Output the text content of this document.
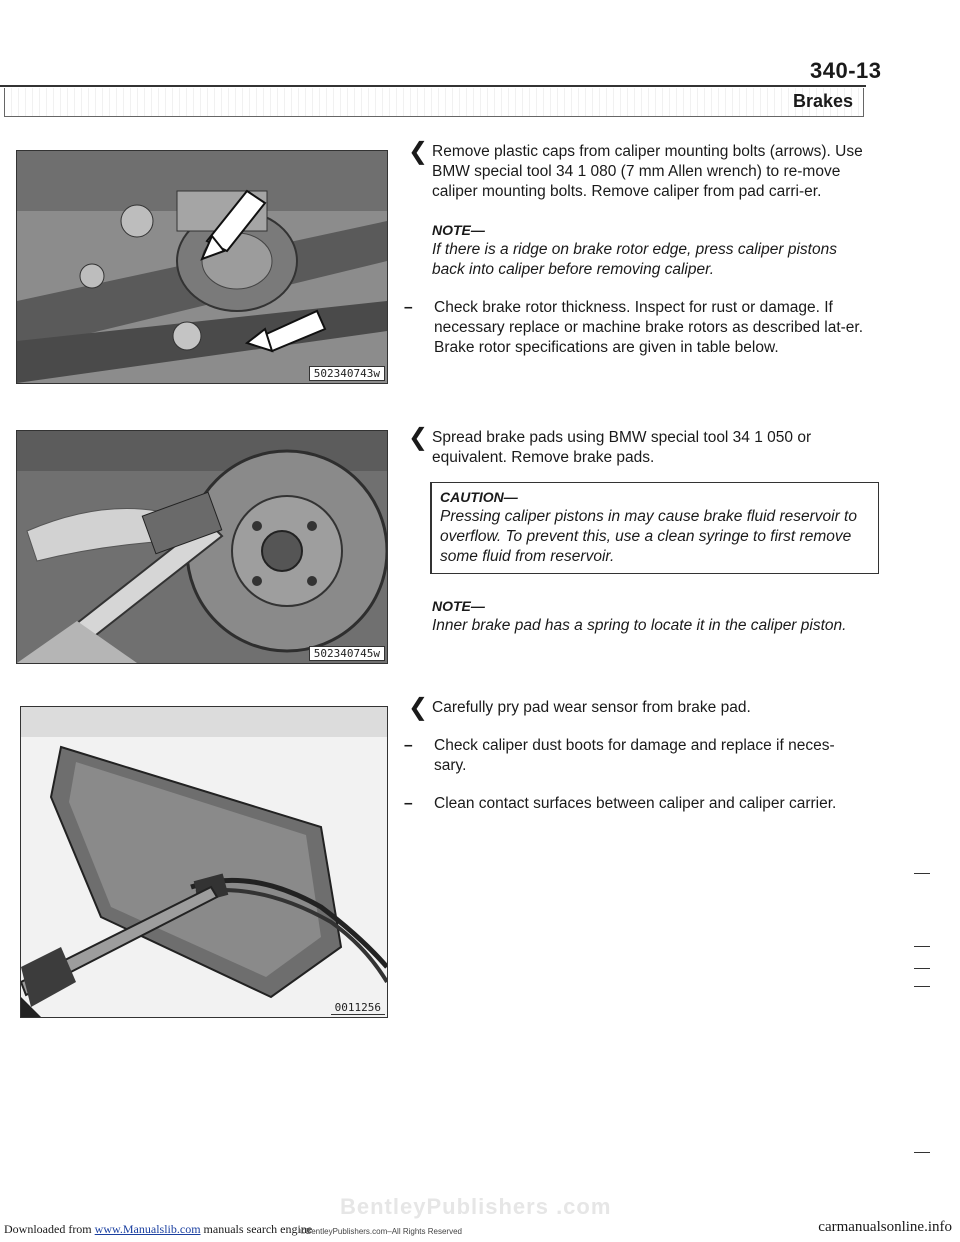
340-13
Brakes
502340743w
502340745w
0011256
❮ Remove plastic caps from caliper mounting bolts (arrows). Use BMW special tool 34 1 080 (7 mm Allen wrench) to re-move caliper mounting bolts. Remove caliper from pad carri-er.
NOTE—
If there is a ridge on brake rotor edge, press caliper pistons back into caliper before removing caliper.
– Check brake rotor thickness. Inspect for rust or damage. If necessary replace or machine brake rotors as described lat-er. Brake rotor specifications are given in table below.
❮ Spread brake pads using BMW special tool 34 1 050 or equivalent. Remove brake pads.
CAUTION—
Pressing caliper pistons in may cause brake fluid reservoir to overflow. To prevent this, use a clean syringe to first remove some fluid from reservoir.
NOTE—
Inner brake pad has a spring to locate it in the caliper piston.
❮ Carefully pry pad wear sensor from brake pad.
– Check caliper dust boots for damage and replace if neces-sary.
– Clean contact surfaces between caliper and caliper carrier.
BentleyPublishers .com
Downloaded from www.Manualslib.com manuals search engine
©BentleyPublishers.com–All Rights Reserved	carmanualsonline.info
